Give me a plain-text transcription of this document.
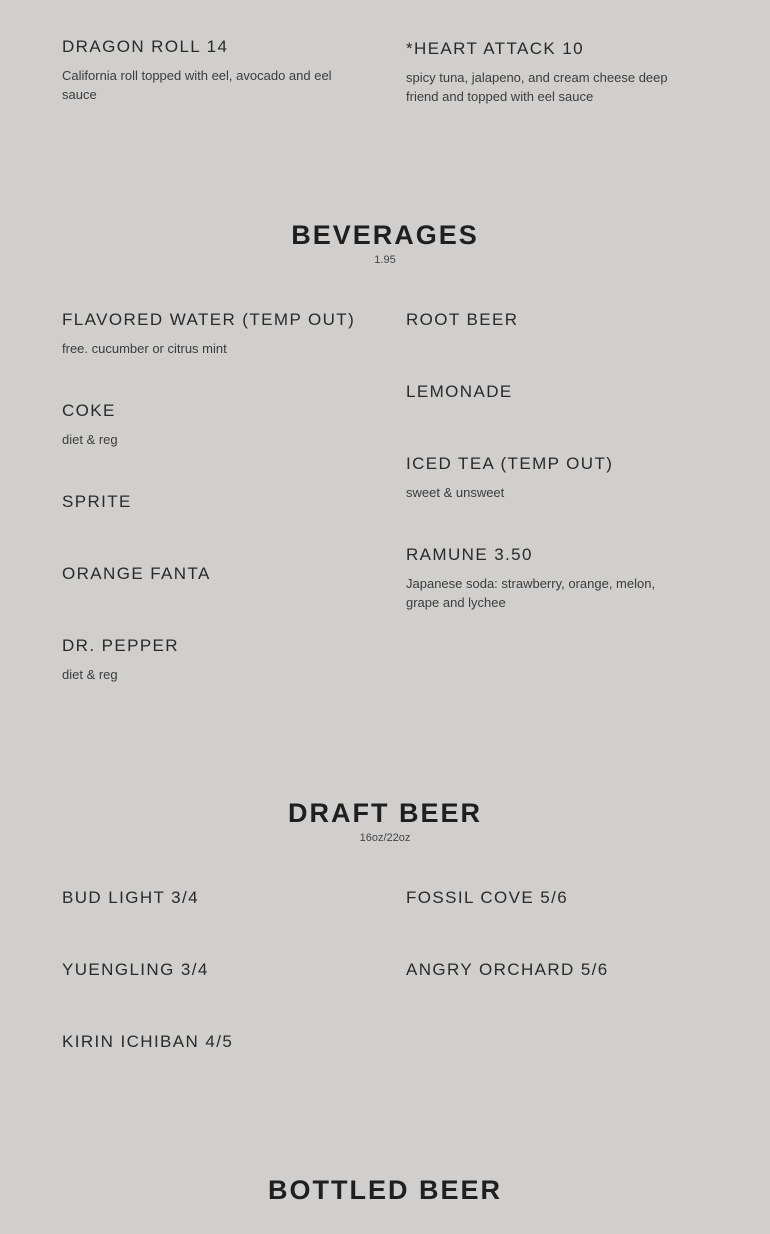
DRAGON ROLL 14
California roll topped with eel, avocado and eel sauce
*HEART ATTACK 10
spicy tuna, jalapeno, and cream cheese deep friend and topped with eel sauce
BEVERAGES
1.95
FLAVORED WATER (TEMP OUT)
free. cucumber or citrus mint
COKE
diet & reg
SPRITE
ORANGE FANTA
DR. PEPPER
diet & reg
ROOT BEER
LEMONADE
ICED TEA (TEMP OUT)
sweet & unsweet
RAMUNE 3.50
Japanese soda: strawberry, orange, melon, grape and lychee
DRAFT BEER
16oz/22oz
BUD LIGHT 3/4
YUENGLING 3/4
KIRIN ICHIBAN 4/5
FOSSIL COVE 5/6
ANGRY ORCHARD 5/6
BOTTLED BEER
